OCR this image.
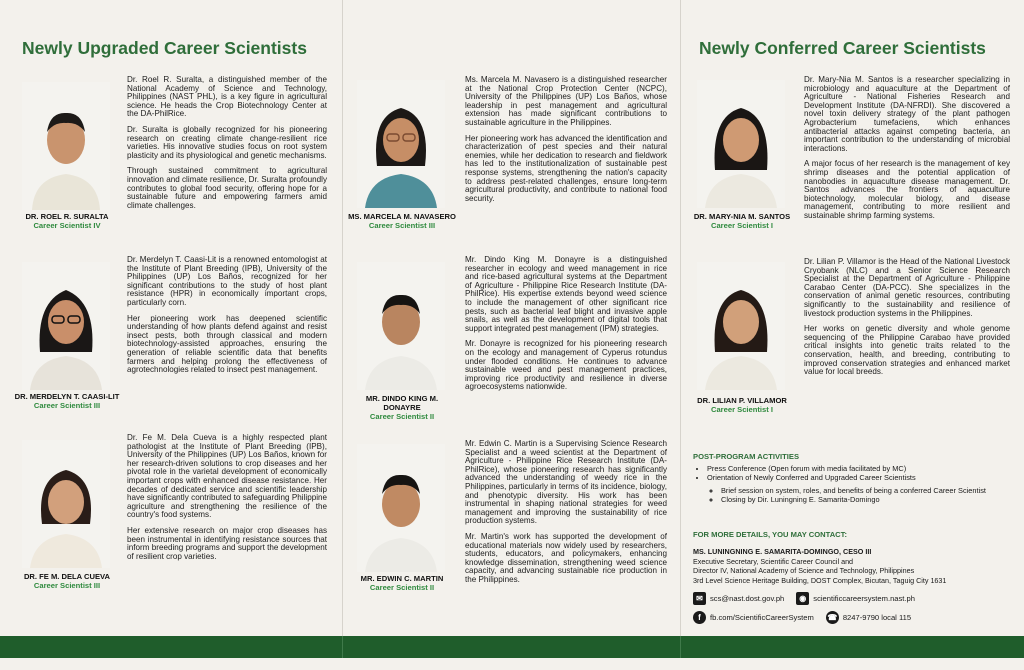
Newly Upgraded Career Scientists
DR. ROEL R. SURALTA
Career Scientist IV

Dr. Roel R. Suralta, a distinguished member of the National Academy of Science and Technology, Philippines (NAST PHL), is a key figure in agricultural science. He heads the Crop Biotechnology Center at the DA-PhilRice.

Dr. Suralta is globally recognized for his pioneering research on creating climate change-resilient rice varieties. His innovative studies focus on root system plasticity and its physiological and genetic mechanisms.

Through sustained commitment to agricultural innovation and climate resilience, Dr. Suralta profoundly contributes to global food security, offering hope for a sustainable future and empowering farmers amid climate challenges.

DR. MERDELYN T. CAASI-LIT
Career Scientist III

Dr. Merdelyn T. Caasi-Lit is a renowned entomologist at the Institute of Plant Breeding (IPB), University of the Philippines (UP) Los Baños, recognized for her significant contributions to the study of host plant resistance (HPR) in economically important crops, particularly corn.

Her pioneering work has deepened scientific understanding of how plants defend against and resist insect pests, both through classical and modern biotechnology-assisted approaches, ensuring the generation of reliable scientific data that benefits farmers and helping prolong the effectiveness of agrotechnologies related to insect pest management.

DR. FE M. DELA CUEVA
Career Scientist III

Dr. Fe M. Dela Cueva is a highly respected plant pathologist at the Institute of Plant Breeding (IPB), University of the Philippines (UP) Los Baños, known for her research-driven solutions to crop diseases and her pivotal role in the varietal development of economically important crops with enhanced disease resistance. Her decades of dedicated service and scientific leadership have significantly contributed to safeguarding Philippine agriculture and strengthening the resilience of the country's food systems.

Her extensive research on major crop diseases has been instrumental in identifying resistance sources that inform breeding programs and support the development of resilient crop varieties.

MS. MARCELA M. NAVASERO
Career Scientist III

Ms. Marcela M. Navasero is a distinguished researcher at the National Crop Protection Center (NCPC), University of the Philippines (UP) Los Baños, whose leadership in pest management and agricultural extension has made significant contributions to sustainable agriculture in the Philippines.

Her pioneering work has advanced the identification and characterization of pest species and their natural enemies, while her dedication to research and fieldwork has led to the institutionalization of sustainable pest response systems, strengthening the nation's capacity to address pest-related challenges, ensure long-term agricultural productivity, and contribute to national food security.

MR. DINDO KING M. DONAYRE
Career Scientist II

Mr. Dindo King M. Donayre is a distinguished researcher in ecology and weed management in rice and rice-based agricultural systems at the Department of Agriculture - Philippine Rice Research Institute (DA-PhilRice). His expertise extends beyond weed science to include the management of other significant rice pests, such as bacterial leaf blight and invasive apple snails, as well as the development of digital tools that support integrated pest management (IPM) strategies.

Mr. Donayre is recognized for his pioneering research on the ecology and management of Cyperus rotundus under flooded conditions. He continues to advance sustainable weed and pest management practices, improving rice productivity and resilience in diverse agroecosystems nationwide.

MR. EDWIN C. MARTIN
Career Scientist II

Mr. Edwin C. Martin is a Supervising Science Research Specialist and a weed scientist at the Department of Agriculture - Philippine Rice Research Institute (DA-PhilRice), whose pioneering research has significantly advanced the understanding of weedy rice in the Philippines, particularly in terms of its incidence, biology, and phenotypic diversity. His work has been instrumental in shaping national strategies for weed management and improving the sustainability of rice production systems.

Mr. Martin's work has supported the development of educational materials now widely used by researchers, students, educators, and policymakers, enhancing knowledge dissemination, strengthening weed science capacity, and advancing sustainable rice production in the Philippines.

Newly Conferred Career Scientists
DR. MARY-NIA M. SANTOS
Career Scientist I

Dr. Mary-Nia M. Santos is a researcher specializing in microbiology and aquaculture at the Department of Agriculture - National Fisheries Research and Development Institute (DA-NFRDI). She discovered a novel toxin delivery strategy of the plant pathogen Agrobacterium tumefaciens, which enhances antibacterial attacks against competing bacteria, an important contribution to the understanding of microbial interactions.

A major focus of her research is the management of key shrimp diseases and the potential application of nanobodies in aquaculture disease management. Dr. Santos advances the frontiers of aquaculture biotechnology, molecular biology, and disease management, contributing to more resilient and sustainable shrimp farming systems.

DR. LILIAN P. VILLAMOR
Career Scientist I

Dr. Lilian P. Villamor is the Head of the National Livestock Cryobank (NLC) and a Senior Science Research Specialist at the Department of Agriculture - Philippine Carabao Center (DA-PCC). She specializes in the conservation of animal genetic resources, contributing significantly to the sustainability and resilience of livestock production systems in the Philippines.

Her works on genetic diversity and whole genome sequencing of the Philippine Carabao have provided critical insights into genetic traits related to the conservation, health, and breeding, contributing to improved conservation strategies and enhanced market value for local breeds.

POST-PROGRAM ACTIVITIES
• Press Conference (Open forum with media facilitated by MC)
• Orientation of Newly Conferred and Upgraded Career Scientists
◦ Brief session on system, roles, and benefits of being a conferred Career Scientist
◦ Closing by Dir. Luningning E. Samarita-Domingo
FOR MORE DETAILS, YOU MAY CONTACT:
MS. LUNINGNING E. SAMARITA-DOMINGO, CESO III
Executive Secretary, Scientific Career Council and
Director IV, National Academy of Science and Technology, Philippines
3rd Level Science Heritage Building, DOST Complex, Bicutan, Taguig City 1631
✉ scs@nast.dost.gov.ph	◉ scientificcareersystem.nast.ph
f	fb.com/ScientificCareerSystem ☎ 8247-9790 local 115
